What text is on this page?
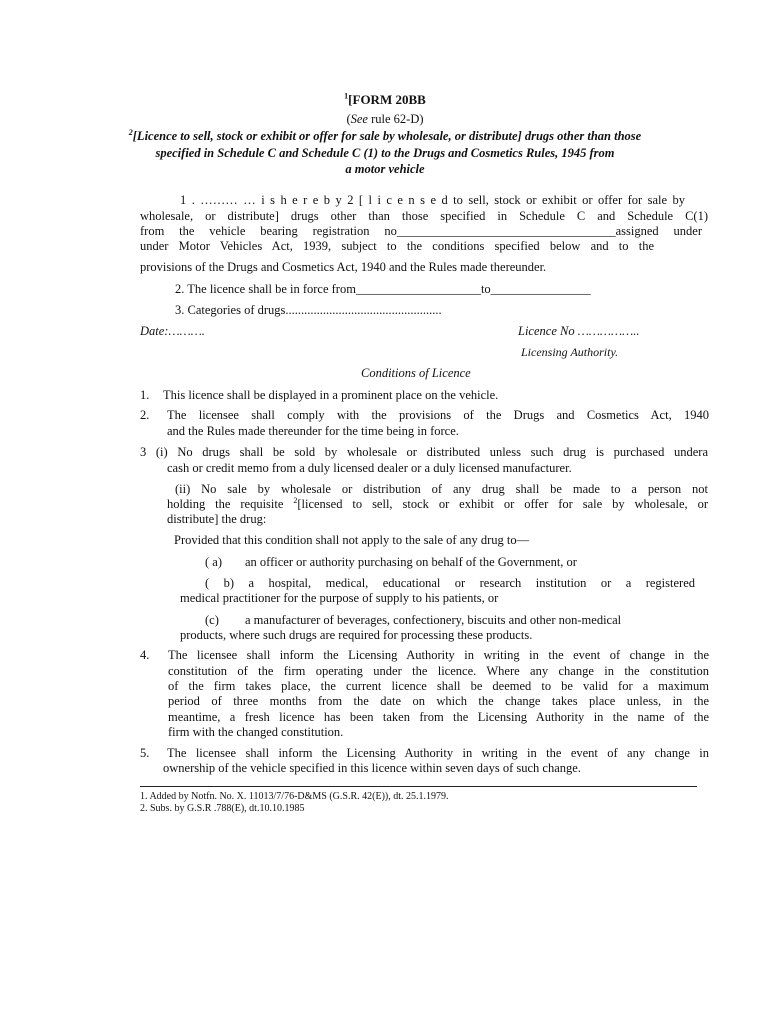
$^1$[FORM 20BB
(See rule 62-D)
$^2$[Licence to sell, stock or exhibit or offer for sale by wholesale, or distribute] drugs other than those
specified in Schedule C and Schedule C (1) to the Drugs and Cosmetics Rules, 1945 from
a motor vehicle
1 . ……… … i s h e r e b y 2 [ l i c e n s e d to sell, stock or exhibit or offer for sale by
wholesale, or distribute] drugs other than those specified in Schedule C and Schedule C(1)
from the vehicle bearing registration no___________________________________assigned under
under Motor Vehicles Act, 1939, subject to the conditions specified below and to the
provisions of the Drugs and Cosmetics Act, 1940 and the Rules made thereunder.
2. The licence shall be in force from____________________to________________
3. Categories of drugs..................................................
Date:……….	Licence No ……………..
Licensing Authority.
Conditions of Licence
1. This licence shall be displayed in a prominent place on the vehicle.
2. The licensee shall comply with the provisions of the Drugs and Cosmetics Act, 1940
and the Rules made thereunder for the time being in force.
3 (i) No drugs shall be sold by wholesale or distributed unless such drug is purchased undera
cash or credit memo from a duly licensed dealer or a duly licensed manufacturer.
(ii) No sale by wholesale or distribution of any drug shall be made to a person not
holding the requisite $^2$[licensed to sell, stock or exhibit or offer for sale by wholesale, or
distribute] the drug:
Provided that this condition shall not apply to the sale of any drug to—
( a) an officer or authority purchasing on behalf of the Government, or
( b) a hospital, medical, educational or research institution or a registered
medical practitioner for the purpose of supply to his patients, or
(c) a manufacturer of beverages, confectionery, biscuits and other non-medical
products, where such drugs are required for processing these products.
4. The licensee shall inform the Licensing Authority in writing in the event of change in the
constitution of the firm operating under the licence. Where any change in the constitution
of the firm takes place, the current licence shall be deemed to be valid for a maximum
period of three months from the date on which the change takes place unless, in the
meantime, a fresh licence has been taken from the Licensing Authority in the name of the
firm with the changed constitution.
5. The licensee shall inform the Licensing Authority in writing in the event of any change in
ownership of the vehicle specified in this licence within seven days of such change.
1. Added by Notfn. No. X. 11013/7/76-D&MS (G.S.R. 42(E)), dt. 25.1.1979.
2. Subs. by G.S.R .788(E), dt.10.10.1985
